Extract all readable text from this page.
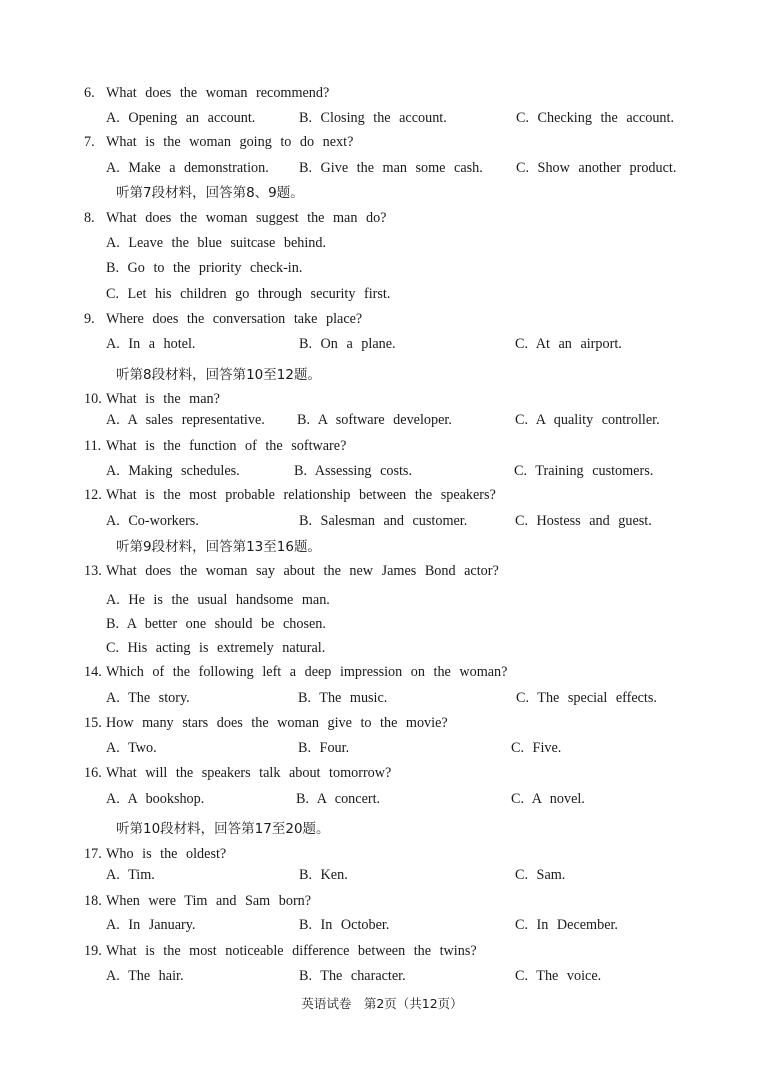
6. What does the woman recommend?
A. Opening an account.	B. Closing the account.	C. Checking the account.
7. What is the woman going to do next?
A. Make a demonstration. B. Give the man some cash. C. Show another product.
听第7段材料，回答第8、9题。
8. What does the woman suggest the man do?
A. Leave the blue suitcase behind.
B. Go to the priority check-in.
C. Let his children go through security first.
9. Where does the conversation take place?
A. In a hotel.	B. On a plane.	C. At an airport.
听第8段材料，回答第10至12题。
10. What is the man?
A. A sales representative. B. A software developer.	C. A quality controller.
11. What is the function of the software?
A. Making schedules.	B. Assessing costs.	C. Training customers.
12. What is the most probable relationship between the speakers?
A. Co-workers.	B. Salesman and customer.	C. Hostess and guest.
听第9段材料，回答第13至16题。
13. What does the woman say about the new James Bond actor?
A. He is the usual handsome man.
B. A better one should be chosen.
C. His acting is extremely natural.
14. Which of the following left a deep impression on the woman?
A. The story.	B. The music.	C. The special effects.
15. How many stars does the woman give to the movie?
A. Two.	B. Four.	C. Five.
16. What will the speakers talk about tomorrow?
A. A bookshop.	B. A concert.	C. A novel.
听第10段材料，回答第17至20题。
17. Who is the oldest?
A. Tim.	B. Ken.	C. Sam.
18. When were Tim and Sam born?
A. In January.	B. In October.	C. In December.
19. What is the most noticeable difference between the twins?
A. The hair.	B. The character.	C. The voice.
英语试卷　第2页（共12页）
